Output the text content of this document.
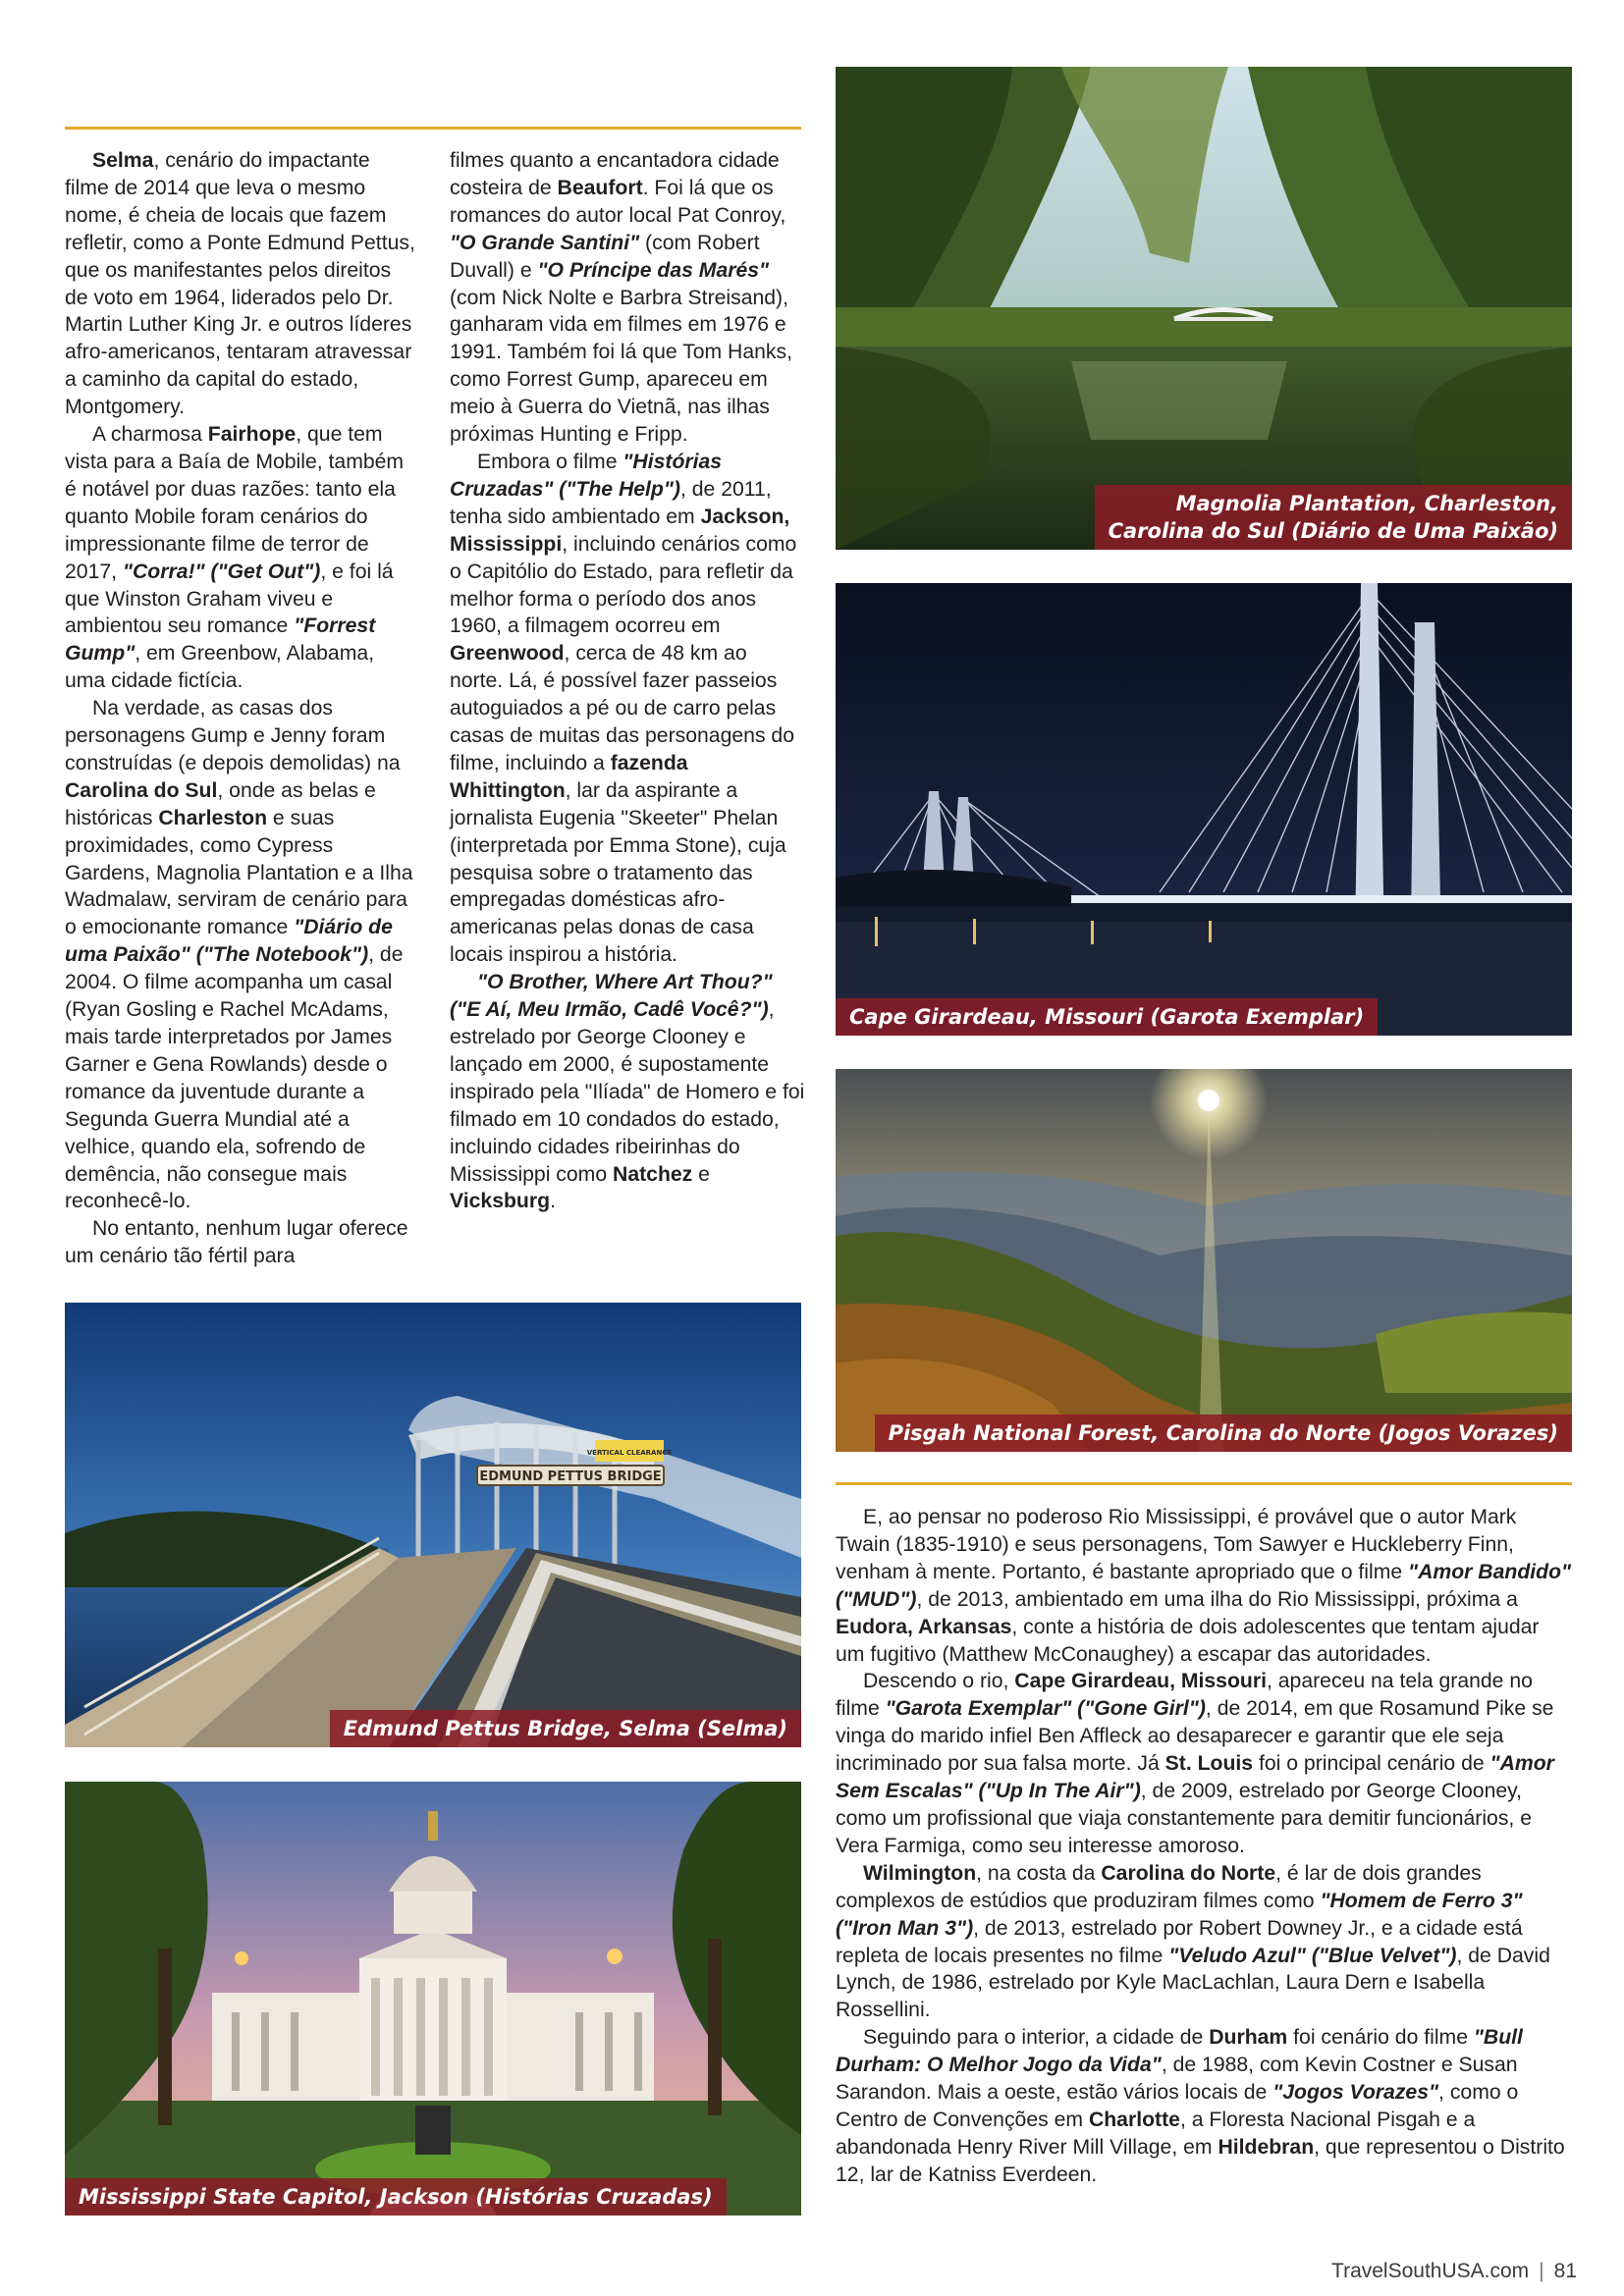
Selma, cenário do impactante filme de 2014 que leva o mesmo nome, é cheia de locais que fazem refletir, como a Ponte Edmund Pettus, que os manifestantes pelos direitos de voto em 1964, liderados pelo Dr. Martin Luther King Jr. e outros líderes afro-americanos, tentaram atravessar a caminho da capital do estado, Montgomery.

A charmosa Fairhope, que tem vista para a Baía de Mobile, também é notável por duas razões: tanto ela quanto Mobile foram cenários do impressionante filme de terror de 2017, "Corra!" ("Get Out"), e foi lá que Winston Graham viveu e ambientou seu romance "Forrest Gump", em Greenbow, Alabama, uma cidade fictícia.

Na verdade, as casas dos personagens Gump e Jenny foram construídas (e depois demolidas) na Carolina do Sul, onde as belas e históricas Charleston e suas proximidades, como Cypress Gardens, Magnolia Plantation e a Ilha Wadmalaw, serviram de cenário para o emocionante romance "Diário de uma Paixão" ("The Notebook"), de 2004. O filme acompanha um casal (Ryan Gosling e Rachel McAdams, mais tarde interpretados por James Garner e Gena Rowlands) desde o romance da juventude durante a Segunda Guerra Mundial até a velhice, quando ela, sofrendo de demência, não consegue mais reconhecê-lo.

No entanto, nenhum lugar oferece um cenário tão fértil para

filmes quanto a encantadora cidade costeira de Beaufort. Foi lá que os romances do autor local Pat Conroy, "O Grande Santini" (com Robert Duvall) e "O Príncipe das Marés" (com Nick Nolte e Barbra Streisand), ganharam vida em filmes em 1976 e 1991. Também foi lá que Tom Hanks, como Forrest Gump, apareceu em meio à Guerra do Vietnã, nas ilhas próximas Hunting e Fripp.

Embora o filme "Histórias Cruzadas" ("The Help"), de 2011, tenha sido ambientado em Jackson, Mississippi, incluindo cenários como o Capitólio do Estado, para refletir da melhor forma o período dos anos 1960, a filmagem ocorreu em Greenwood, cerca de 48 km ao norte. Lá, é possível fazer passeios autoguiados a pé ou de carro pelas casas de muitas das personagens do filme, incluindo a fazenda Whittington, lar da aspirante a jornalista Eugenia "Skeeter" Phelan (interpretada por Emma Stone), cuja pesquisa sobre o tratamento das empregadas domésticas afro-americanas pelas donas de casa locais inspirou a história.

"O Brother, Where Art Thou?" ("E Aí, Meu Irmão, Cadê Você?"), estrelado por George Clooney e lançado em 2000, é supostamente inspirado pela "Ilíada" de Homero e foi filmado em 10 condados do estado, incluindo cidades ribeirinhas do Mississippi como Natchez e Vicksburg.

E, ao pensar no poderoso Rio Mississippi, é provável que o autor Mark Twain (1835-1910) e seus personagens, Tom Sawyer e Huckleberry Finn, venham à mente. Portanto, é bastante apropriado que o filme "Amor Bandido" ("MUD"), de 2013, ambientado em uma ilha do Rio Mississippi, próxima a Eudora, Arkansas, conte a história de dois adolescentes que tentam ajudar um fugitivo (Matthew McConaughey) a escapar das autoridades.

Descendo o rio, Cape Girardeau, Missouri, apareceu na tela grande no filme "Garota Exemplar" ("Gone Girl"), de 2014, em que Rosamund Pike se vinga do marido infiel Ben Affleck ao desaparecer e garantir que ele seja incriminado por sua falsa morte. Já St. Louis foi o principal cenário de "Amor Sem Escalas" ("Up In The Air"), de 2009, estrelado por George Clooney, como um profissional que viaja constantemente para demitir funcionários, e Vera Farmiga, como seu interesse amoroso.

Wilmington, na costa da Carolina do Norte, é lar de dois grandes complexos de estúdios que produziram filmes como "Homem de Ferro 3" ("Iron Man 3"), de 2013, estrelado por Robert Downey Jr., e a cidade está repleta de locais presentes no filme "Veludo Azul" ("Blue Velvet"), de David Lynch, de 1986, estrelado por Kyle MacLachlan, Laura Dern e Isabella Rossellini.

Seguindo para o interior, a cidade de Durham foi cenário do filme "Bull Durham: O Melhor Jogo da Vida", de 1988, com Kevin Costner e Susan Sarandon. Mais a oeste, estão vários locais de "Jogos Vorazes", como o Centro de Convenções em Charlotte, a Floresta Nacional Pisgah e a abandonada Henry River Mill Village, em Hildebran, que representou o Distrito 12, lar de Katniss Everdeen.

Magnolia Plantation, Charleston,
Carolina do Sul (Diário de Uma Paixão)
Cape Girardeau, Missouri (Garota Exemplar)
Pisgah National Forest, Carolina do Norte (Jogos Vorazes)
EDMUND PETTUS BRIDGE
VERTICAL CLEARANCE
Edmund Pettus Bridge, Selma (Selma)
Mississippi State Capitol, Jackson (Histórias Cruzadas)
TravelSouthUSA.com | 81
